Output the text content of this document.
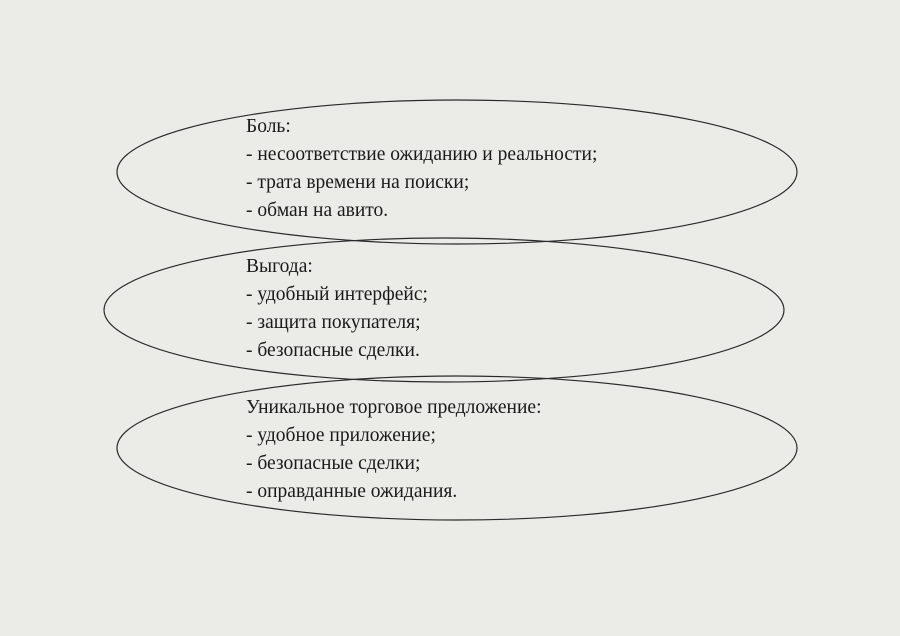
Боль:
- несоответствие ожиданию и реальности;
- трата времени на поиски;
- обман на авито.
Выгода:
- удобный интерфейс;
- защита покупателя;
- безопасные сделки.
Уникальное торговое предложение:
- удобное приложение;
- безопасные сделки;
- оправданные ожидания.
